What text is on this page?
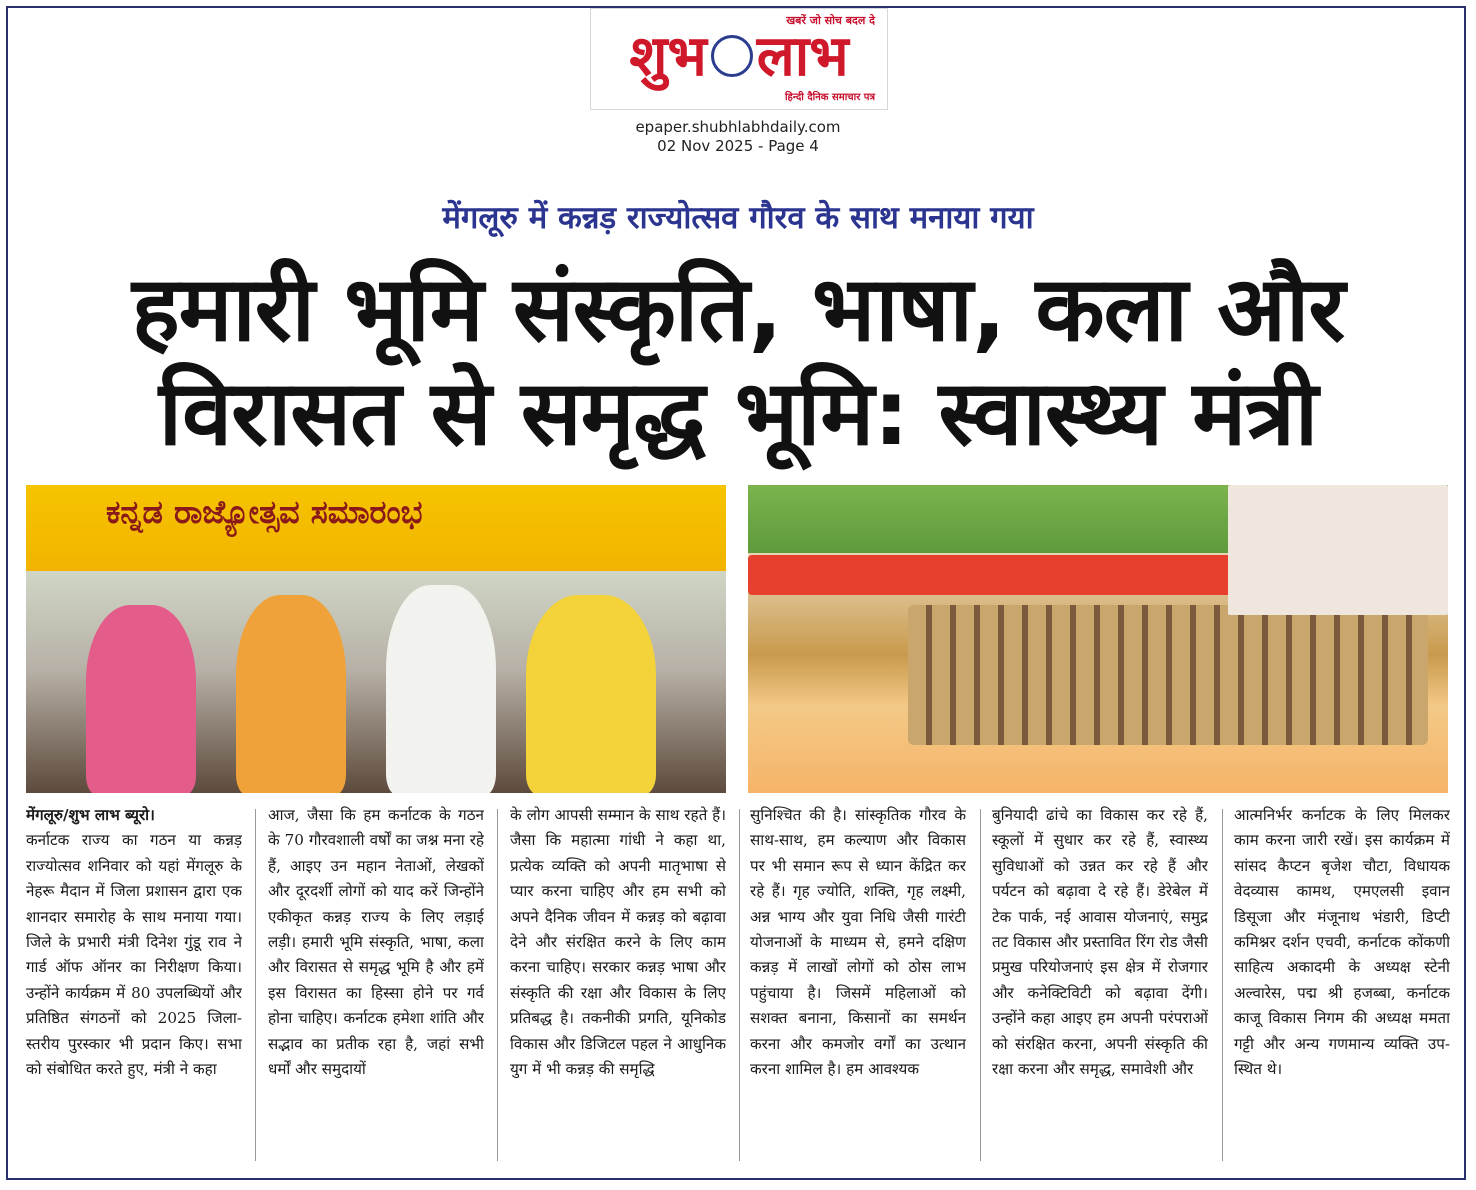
खबरें जो सोच बदल दे
शुभ लाभ
हिन्दी दैनिक समाचार पत्र
epaper.shubhlabhdaily.com
02 Nov 2025 - Page 4
मेंगलूरु में कन्नड़ राज्योत्सव गौरव के साथ मनाया गया
हमारी भूमि संस्कृति, भाषा, कला और
विरासत से समृद्ध भूमि: स्वास्थ्य मंत्री
ಕನ್ನಡ ರಾಜ್ಯೋತ್ಸವ ಸಮಾರಂಭ
मेंगलूरु/शुभ लाभ ब्यूरो।
कर्नाटक राज्य का गठन या कन्नड़ राज्योत्सव शनिवार को यहां मेंगलूरु के नेहरू मैदान में जिला प्रशासन द्वारा एक शानदार समारोह के साथ मनाया गया। जिले के प्रभारी मंत्री दिनेश गुंडू राव ने गार्ड ऑफ ऑनर का निरीक्षण किया। उन्होंने कार्यक्रम में 80 उपलब्धियों और प्रतिष्ठित संगठनों को 2025 जिला-स्तरीय पुरस्कार भी प्रदान किए। सभा को संबोधित करते हुए, मंत्री ने कहा
आज, जैसा कि हम कर्नाटक के गठन के 70 गौरवशाली वर्षों का जश्न मना रहे हैं, आइए उन महान नेताओं, लेखकों और दूरदर्शी लोगों को याद करें जिन्होंने एकीकृत कन्नड़ राज्य के लिए लड़ाई लड़ी। हमारी भूमि संस्कृति, भाषा, कला और विरासत से समृद्ध भूमि है और हमें इस विरासत का हिस्सा होने पर गर्व होना चाहिए। कर्नाटक हमेशा शांति और सद्भाव का प्रतीक रहा है, जहां सभी धर्मों और समुदायों
के लोग आपसी सम्मान के साथ रहते हैं। जैसा कि महात्मा गांधी ने कहा था, प्रत्येक व्यक्ति को अपनी मातृभाषा से प्यार करना चाहिए और हम सभी को अपने दैनिक जीवन में कन्नड़ को बढ़ावा देने और संरक्षित करने के लिए काम करना चाहिए। सरकार कन्नड़ भाषा और संस्कृति की रक्षा और विकास के लिए प्रतिबद्ध है। तकनीकी प्रगति, यूनिकोड विकास और डिजिटल पहल ने आधुनिक युग में भी कन्नड़ की समृद्धि
सुनिश्चित की है। सांस्कृतिक गौरव के साथ-साथ, हम कल्याण और विकास पर भी समान रूप से ध्यान केंद्रित कर रहे हैं। गृह ज्योति, शक्ति, गृह लक्ष्मी, अन्न भाग्य और युवा निधि जैसी गारंटी योजनाओं के माध्यम से, हमने दक्षिण कन्नड़ में लाखों लोगों को ठोस लाभ पहुंचाया है। जिसमें महिलाओं को सशक्त बनाना, किसानों का समर्थन करना और कमजोर वर्गों का उत्थान करना शामिल है। हम आवश्यक
बुनियादी ढांचे का विकास कर रहे हैं, स्कूलों में सुधार कर रहे हैं, स्वास्थ्य सुविधाओं को उन्नत कर रहे हैं और पर्यटन को बढ़ावा दे रहे हैं। डेरेबेल में टेक पार्क, नई आवास योजनाएं, समुद्र तट विकास और प्रस्तावित रिंग रोड जैसी प्रमुख परियोजनाएं इस क्षेत्र में रोजगार और कनेक्टिविटी को बढ़ावा देंगी। उन्होंने कहा आइए हम अपनी परंपराओं को संरक्षित करना, अपनी संस्कृति की रक्षा करना और समृद्ध, समावेशी और
आत्मनिर्भर कर्नाटक के लिए मिलकर काम करना जारी रखें। इस कार्यक्रम में सांसद कैप्टन बृजेश चौटा, विधायक वेदव्यास कामथ, एमएलसी इवान डिसूजा और मंजूनाथ भंडारी, डिप्टी कमिश्नर दर्शन एचवी, कर्नाटक कोंकणी साहित्य अकादमी के अध्यक्ष स्टेनी अल्वारेस, पद्म श्री हजब्बा, कर्नाटक काजू विकास निगम की अध्यक्ष ममता गट्टी और अन्य गणमान्य व्यक्ति उप-स्थित थे।
